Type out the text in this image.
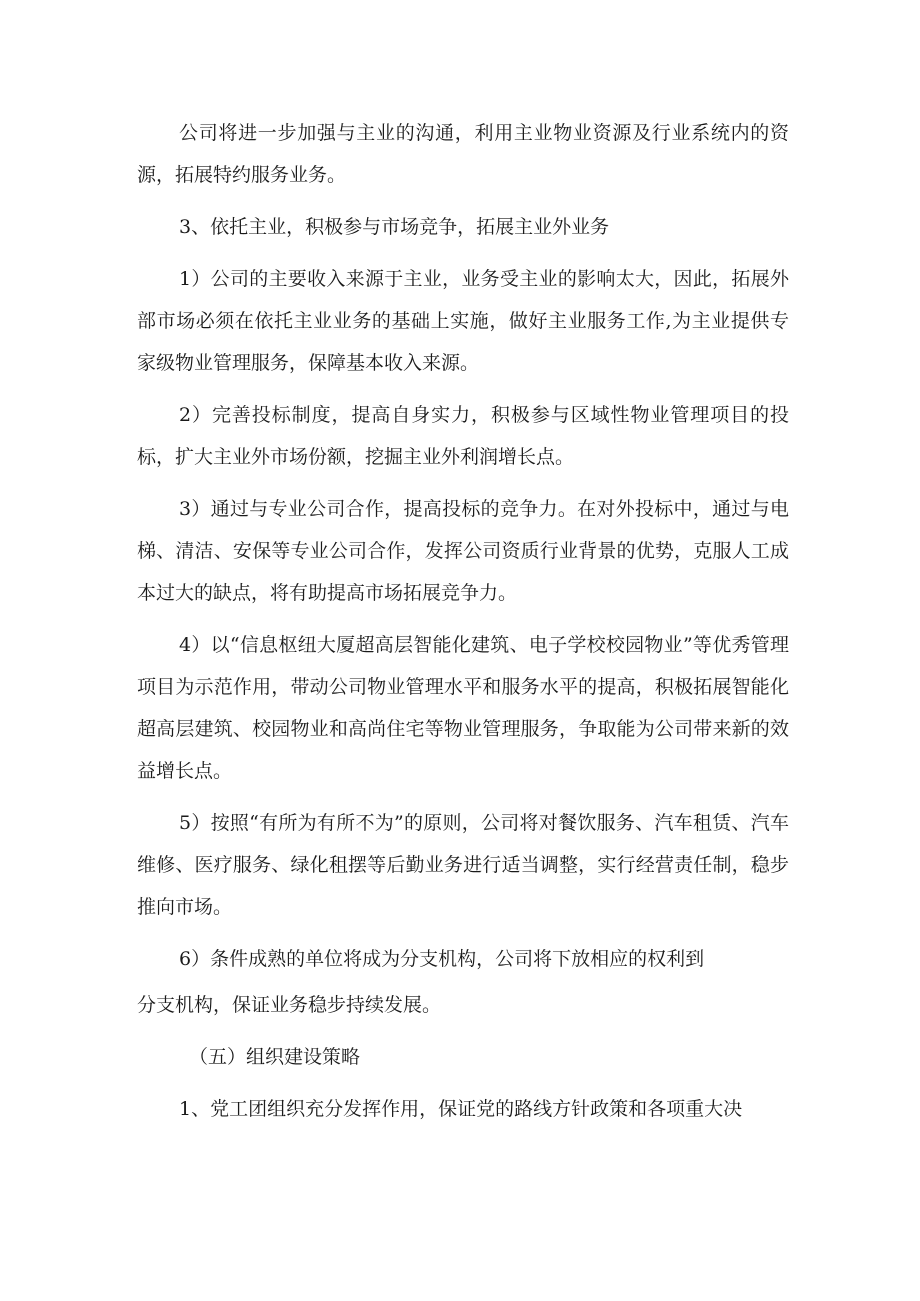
公司将进一步加强与主业的沟通，利用主业物业资源及行业系统内的资源，拓展特约服务业务。

3、依托主业，积极参与市场竞争，拓展主业外业务

1）公司的主要收入来源于主业，业务受主业的影响太大，因此，拓展外部市场必须在依托主业业务的基础上实施，做好主业服务工作,为主业提供专家级物业管理服务，保障基本收入来源。

2）完善投标制度，提高自身实力，积极参与区域性物业管理项目的投标，扩大主业外市场份额，挖掘主业外利润增长点。

3）通过与专业公司合作，提高投标的竞争力。在对外投标中，通过与电梯、清洁、安保等专业公司合作，发挥公司资质行业背景的优势，克服人工成本过大的缺点，将有助提高市场拓展竞争力。

4）以“信息枢纽大厦超高层智能化建筑、电子学校校园物业”等优秀管理项目为示范作用，带动公司物业管理水平和服务水平的提高，积极拓展智能化超高层建筑、校园物业和高尚住宅等物业管理服务，争取能为公司带来新的效益增长点。

5）按照“有所为有所不为”的原则，公司将对餐饮服务、汽车租赁、汽车维修、医疗服务、绿化租摆等后勤业务进行适当调整，实行经营责任制，稳步推向市场。

6）条件成熟的单位将成为分支机构，公司将下放相应的权利到

分支机构，保证业务稳步持续发展。

（五）组织建设策略

1、党工团组织充分发挥作用，保证党的路线方针政策和各项重大决
